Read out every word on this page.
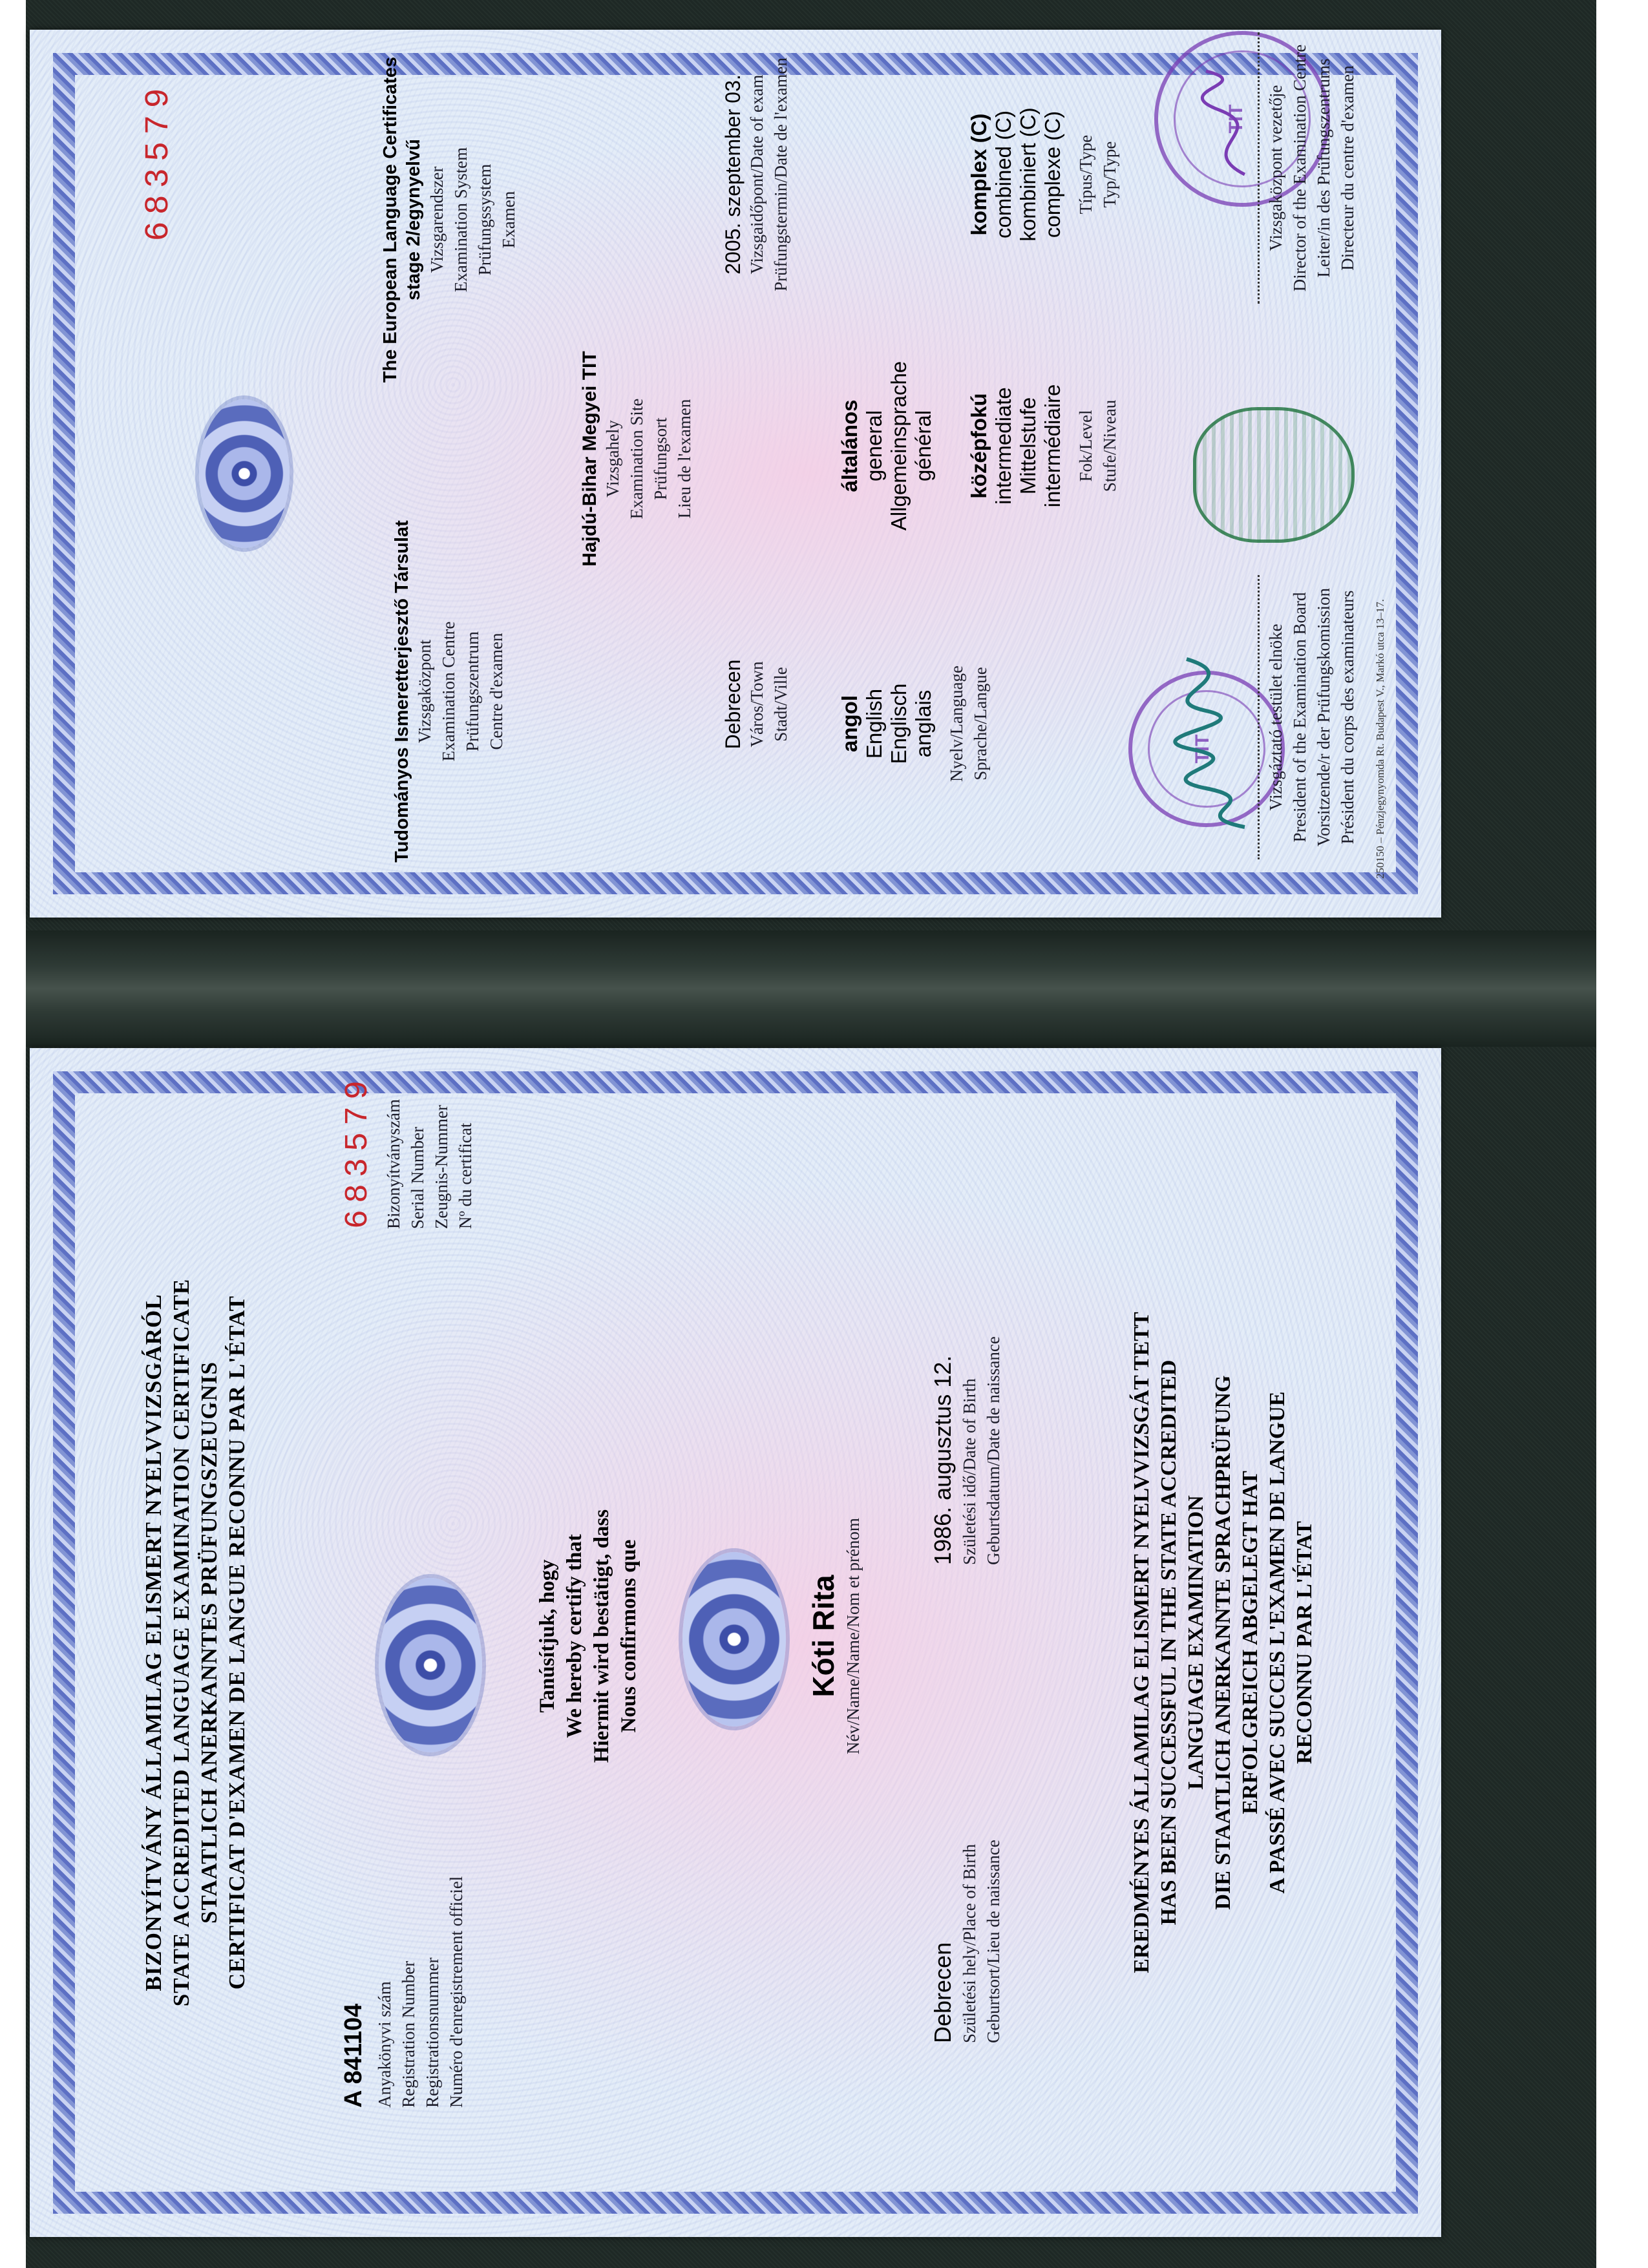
683579
Tudományos Ismeretterjesztő Társulat Vizsgaközpont Examination Centre Prüfungszentrum Centre d'examen
The European Language Certificates stage 2/egynyelvű Vizsgarendszer Examination System Prüfungssystem Examen
Hajdú-Bihar Megyei TIT Vizsgahely Examination Site Prüfungsort Lieu de l'examen
Debrecen Város/Town Stadt/Ville
2005. szeptember 03. Vizsgaidőpont/Date of exam Prüfungstermin/Date de l'examen
angol English Englisch anglais Nyelv/Language Sprache/Langue
általános general Allgemeinsprache général középfokú intermediate Mittelstufe intermédiaire Fok/Level Stufe/Niveau
komplex (C) combined (C) kombiniert (C) complexe (C) Típus/Type Typ/Type
TIT
TIT
Vizsgáztató testület elnöke President of the Examination Board Vorsitzende/r der Prüfungskomission Président du corps des examinateurs
Vizsgaközpont vezetője Director of the Examination Centre Leiter/in des Prüfungszentrums Directeur du centre d'examen
250150 – Pénzjegynyomda Rt. Budapest V., Markó utca 13–17.
BIZONYÍTVÁNY ÁLLAMILAG ELISMERT NYELVVIZSGÁRÓL STATE ACCREDITED LANGUAGE EXAMINATION CERTIFICATE STAATLICH ANERKANNTES PRÜFUNGSZEUGNIS CERTIFICAT D'EXAMEN DE LANGUE RECONNU PAR L'ÉTAT
A 841104 Anyakönyvi szám Registration Number Registrationsnummer Numéro d'enregistrement officiel
683579 Bizonyítványszám Serial Number Zeugnis-Nummer Nº du certificat
Tanúsítjuk, hogy We hereby certify that Hiermit wird bestätigt, dass Nous confirmons que	Kóti Rita Név/Name/Name/Nom et prénom
Debrecen Születési hely/Place of Birth Geburtsort/Lieu de naissance
1986. augusztus 12. Születési idő/Date of Birth Geburtsdatum/Date de naissance	EREDMÉNYES ÁLLAMILAG ELISMERT NYELVVIZSGÁT TETT HAS BEEN SUCCESSFUL IN THE STATE ACCREDITED LANGUAGE EXAMINATION DIE STAATLICH ANERKANNTE SPRACHPRÜFUNG ERFOLGREICH ABGELEGT HAT A PASSÉ AVEC SUCCES L'EXAMEN DE LANGUE RECONNU PAR L'ÉTAT
